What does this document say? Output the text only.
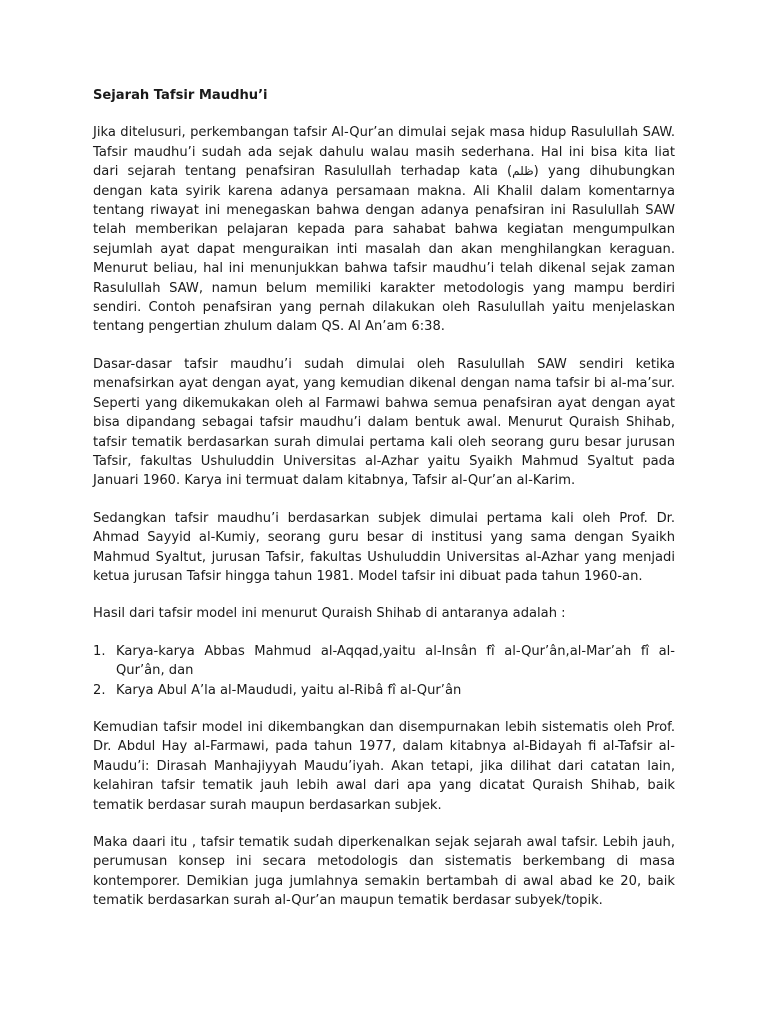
Sejarah Tafsir Maudhu’i

Jika ditelusuri, perkembangan tafsir Al-Qur’an dimulai sejak masa hidup Rasulullah SAW. Tafsir maudhu’i sudah ada sejak dahulu walau masih sederhana. Hal ini bisa kita liat dari sejarah tentang penafsiran Rasulullah terhadap kata (ظلم) yang dihubungkan dengan kata syirik karena adanya persamaan makna. Ali Khalil dalam komentarnya tentang riwayat ini menegaskan bahwa dengan adanya penafsiran ini Rasulullah SAW telah memberikan pelajaran kepada para sahabat bahwa kegiatan mengumpulkan sejumlah ayat dapat menguraikan inti masalah dan akan menghilangkan keraguan. Menurut beliau, hal ini menunjukkan bahwa tafsir maudhu’i telah dikenal sejak zaman Rasulullah SAW, namun belum memiliki karakter metodologis yang mampu berdiri sendiri. Contoh penafsiran yang pernah dilakukan oleh Rasulullah yaitu menjelaskan tentang pengertian zhulum dalam QS. Al An’am 6:38.

Dasar-dasar tafsir maudhu’i sudah dimulai oleh Rasulullah SAW sendiri ketika menafsirkan ayat dengan ayat, yang kemudian dikenal dengan nama tafsir bi al-ma’sur. Seperti yang dikemukakan oleh al Farmawi bahwa semua penafsiran ayat dengan ayat bisa dipandang sebagai tafsir maudhu’i dalam bentuk awal. Menurut Quraish Shihab, tafsir tematik berdasarkan surah dimulai pertama kali oleh seorang guru besar jurusan Tafsir, fakultas Ushuluddin Universitas al-Azhar yaitu Syaikh Mahmud Syaltut pada Januari 1960. Karya ini termuat dalam kitabnya, Tafsir al-Qur’an al-Karim.

Sedangkan tafsir maudhu’i berdasarkan subjek dimulai pertama kali oleh Prof. Dr. Ahmad Sayyid al-Kumiy, seorang guru besar di institusi yang sama dengan Syaikh Mahmud Syaltut, jurusan Tafsir, fakultas Ushuluddin Universitas al-Azhar yang menjadi ketua jurusan Tafsir hingga tahun 1981. Model tafsir ini dibuat pada tahun 1960-an.

Hasil dari tafsir model ini menurut Quraish Shihab di antaranya adalah :

1. Karya-karya Abbas Mahmud al-Aqqad,yaitu al-Insân fî al-Qur’ân,al-Mar’ah fî al-Qur’ân, dan
2. Karya Abul A’la al-Maududi, yaitu al-Ribâ fî al-Qur’ân

Kemudian tafsir model ini dikembangkan dan disempurnakan lebih sistematis oleh Prof. Dr. Abdul Hay al-Farmawi, pada tahun 1977, dalam kitabnya al-Bidayah fi al-Tafsir al-Maudu’i: Dirasah Manhajiyyah Maudu’iyah. Akan tetapi, jika dilihat dari catatan lain, kelahiran tafsir tematik jauh lebih awal dari apa yang dicatat Quraish Shihab, baik tematik berdasar surah maupun berdasarkan subjek.

Maka daari itu , tafsir tematik sudah diperkenalkan sejak sejarah awal tafsir. Lebih jauh, perumusan konsep ini secara metodologis dan sistematis berkembang di masa kontemporer. Demikian juga jumlahnya semakin bertambah di awal abad ke 20, baik tematik berdasarkan surah al-Qur’an maupun tematik berdasar subyek/topik.
